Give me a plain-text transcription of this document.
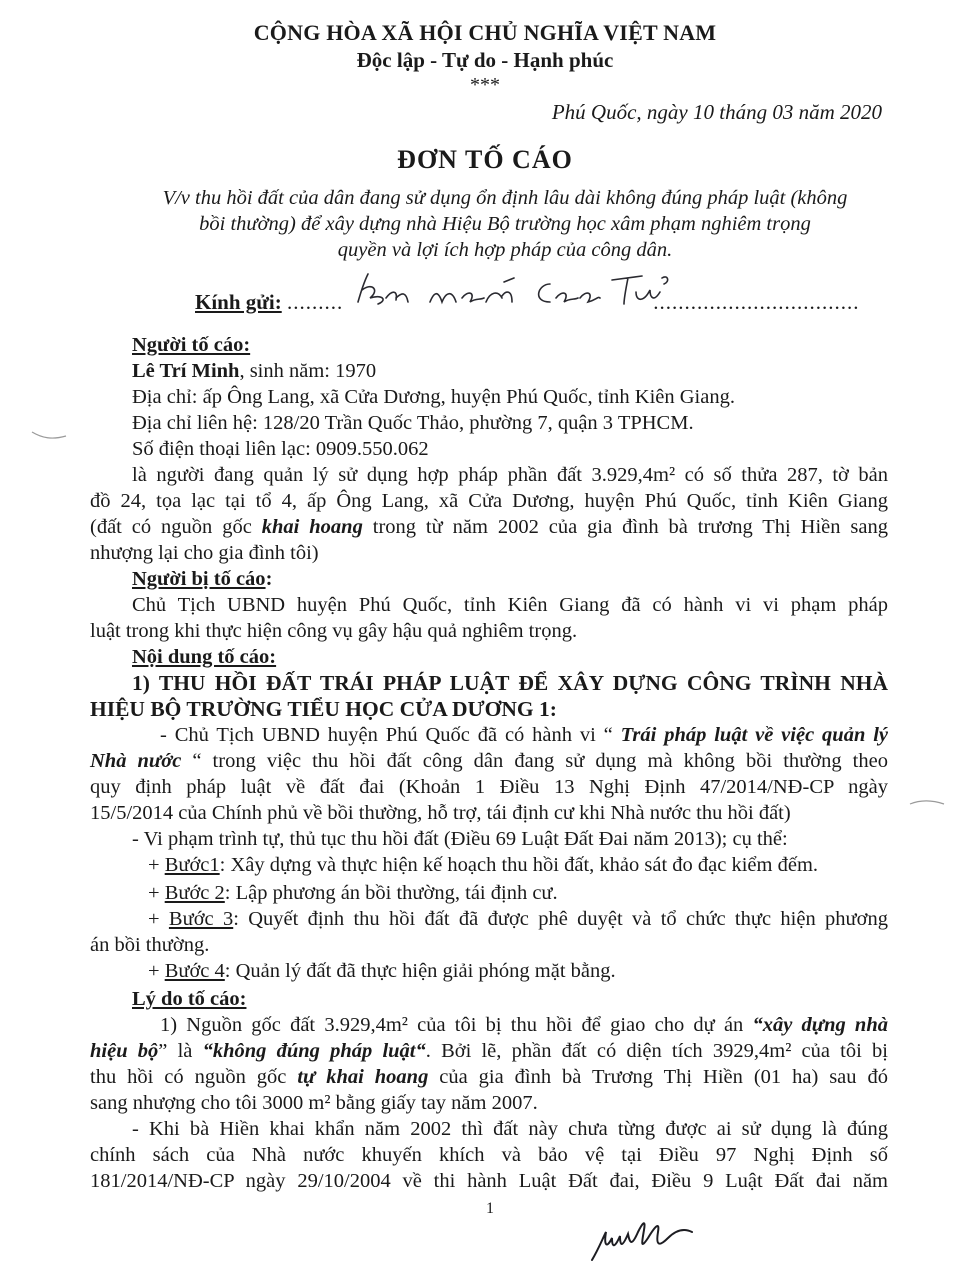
CỘNG HÒA XÃ HỘI CHỦ NGHĨA VIỆT NAM
Độc lập - Tự do - Hạnh phúc
***
Phú Quốc, ngày 10 tháng 03 năm 2020
ĐƠN TỐ CÁO
V/v thu hồi đất của dân đang sử dụng ổn định lâu dài không đúng pháp luật (không
bồi thường) để xây dựng nhà Hiệu Bộ trường học xâm phạm nghiêm trọng
quyền và lợi ích hợp pháp của công dân.
Kính gửi: .........	.................................
Người tố cáo:
Lê Trí Minh, sinh năm: 1970
Địa chỉ: ấp Ông Lang, xã Cửa Dương, huyện Phú Quốc, tỉnh Kiên Giang.
Địa chỉ liên hệ: 128/20 Trần Quốc Thảo, phường 7, quận 3 TPHCM.
Số điện thoại liên lạc: 0909.550.062
là người đang quản lý sử dụng hợp pháp phần đất 3.929,4m² có số thửa 287, tờ bản
đồ 24, tọa lạc tại tổ 4, ấp Ông Lang, xã Cửa Dương, huyện Phú Quốc, tỉnh Kiên Giang
(đất có nguồn gốc khai hoang trong từ năm 2002 của gia đình bà trương Thị Hiền sang
nhượng lại cho gia đình tôi)
Người bị tố cáo:
Chủ Tịch UBND huyện Phú Quốc, tỉnh Kiên Giang đã có hành vi vi phạm pháp
luật trong khi thực hiện công vụ gây hậu quả nghiêm trọng.
Nội dung tố cáo:
1) THU HỒI ĐẤT TRÁI PHÁP LUẬT ĐỂ XÂY DỰNG CÔNG TRÌNH NHÀ
HIỆU BỘ TRƯỜNG TIỂU HỌC CỬA DƯƠNG 1:
- Chủ Tịch UBND huyện Phú Quốc đã có hành vi “ Trái pháp luật về việc quản lý
Nhà nước “ trong việc thu hồi đất công dân đang sử dụng mà không bồi thường theo
quy định pháp luật về đất đai (Khoản 1 Điều 13 Nghị Định 47/2014/NĐ-CP ngày
15/5/2014 của Chính phủ về bồi thường, hỗ trợ, tái định cư khi Nhà nước thu hồi đất)
- Vi phạm trình tự, thủ tục thu hồi đất (Điều 69 Luật Đất Đai năm 2013); cụ thể:
+ Bước1: Xây dựng và thực hiện kế hoạch thu hồi đất, khảo sát đo đạc kiểm đếm.
+ Bước 2: Lập phương án bồi thường, tái định cư.
+ Bước 3: Quyết định thu hồi đất đã được phê duyệt và tổ chức thực hiện phương
án bồi thường.
+ Bước 4: Quản lý đất đã thực hiện giải phóng mặt bằng.
Lý do tố cáo:
1) Nguồn gốc đất 3.929,4m² của tôi bị thu hồi để giao cho dự án “xây dựng nhà
hiệu bộ” là “không đúng pháp luật“. Bởi lẽ, phần đất có diện tích 3929,4m² của tôi bị
thu hồi có nguồn gốc tự khai hoang của gia đình bà Trương Thị Hiền (01 ha) sau đó
sang nhượng cho tôi 3000 m² bằng giấy tay năm 2007.
- Khi bà Hiền khai khẩn năm 2002 thì đất này chưa từng được ai sử dụng là đúng
chính sách của Nhà nước khuyến khích và bảo vệ tại Điều 97 Nghị Định số
181/2014/NĐ-CP ngày 29/10/2004 về thi hành Luật Đất đai, Điều 9 Luật Đất đai năm
1
